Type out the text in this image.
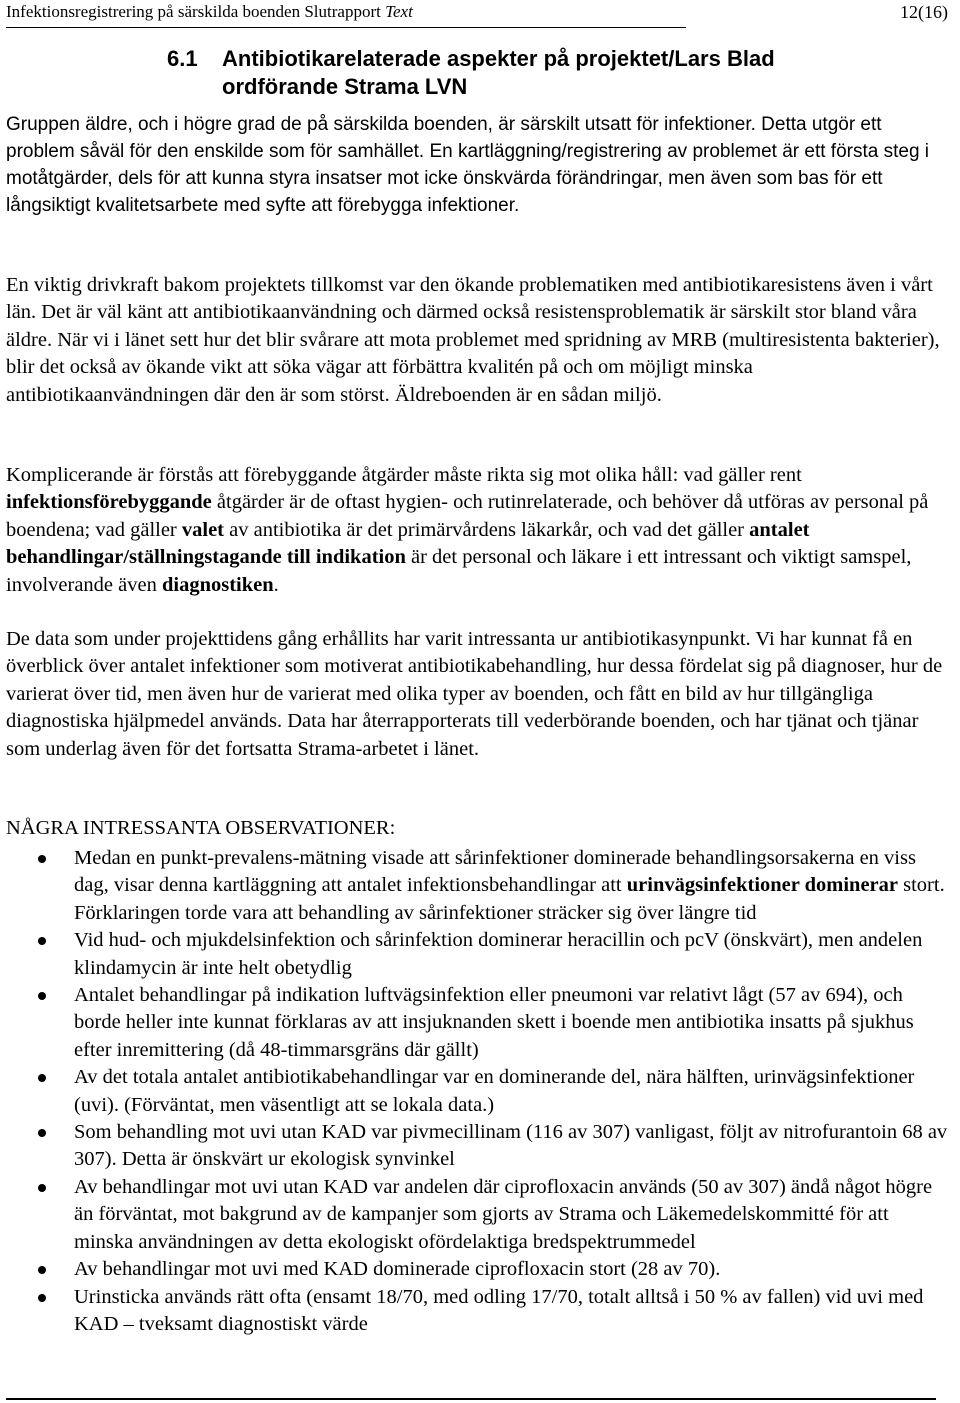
Infektionsregistrering på särskilda boenden Slutrapport Text	12(16)
6.1 Antibiotikarelaterade aspekter på projektet/Lars Blad
ordförande Strama LVN
Gruppen äldre, och i högre grad de på särskilda boenden, är särskilt utsatt för infektioner. Detta utgör ett problem såväl för den enskilde som för samhället. En kartläggning/registrering av problemet är ett första steg i motåtgärder, dels för att kunna styra insatser mot icke önskvärda förändringar, men även som bas för ett långsiktigt kvalitetsarbete med syfte att förebygga infektioner.
En viktig drivkraft bakom projektets tillkomst var den ökande problematiken med antibiotikaresistens även i vårt län. Det är väl känt att antibiotikaanvändning och därmed också resistensproblematik är särskilt stor bland våra äldre. När vi i länet sett hur det blir svårare att mota problemet med spridning av MRB (multiresistenta bakterier), blir det också av ökande vikt att söka vägar att förbättra kvalitén på och om möjligt minska antibiotikaanvändningen där den är som störst. Äldreboenden är en sådan miljö.
Komplicerande är förstås att förebyggande åtgärder måste rikta sig mot olika håll: vad gäller rent infektionsförebyggande åtgärder är de oftast hygien- och rutinrelaterade, och behöver då utföras av personal på boendena; vad gäller valet av antibiotika är det primärvårdens läkarkår, och vad det gäller antalet behandlingar/ställningstagande till indikation är det personal och läkare i ett intressant och viktigt samspel, involverande även diagnostiken.
De data som under projekttidens gång erhållits har varit intressanta ur antibiotikasynpunkt. Vi har kunnat få en överblick över antalet infektioner som motiverat antibiotikabehandling, hur dessa fördelat sig på diagnoser, hur de varierat över tid, men även hur de varierat med olika typer av boenden, och fått en bild av hur tillgängliga diagnostiska hjälpmedel används. Data har återrapporterats till vederbörande boenden, och har tjänat och tjänar som underlag även för det fortsatta Strama-arbetet i länet.
NÅGRA INTRESSANTA OBSERVATIONER:
Medan en punkt-prevalens-mätning visade att sårinfektioner dominerade behandlingsorsakerna en viss dag, visar denna kartläggning att antalet infektionsbehandlingar att urinvägsinfektioner dominerar stort. Förklaringen torde vara att behandling av sårinfektioner sträcker sig över längre tid
Vid hud- och mjukdelsinfektion och sårinfektion dominerar heracillin och pcV (önskvärt), men andelen klindamycin är inte helt obetydlig
Antalet behandlingar på indikation luftvägsinfektion eller pneumoni var relativt lågt (57 av 694), och borde heller inte kunnat förklaras av att insjuknanden skett i boende men antibiotika insatts på sjukhus efter inremittering (då 48-timmarsgräns där gällt)
Av det totala antalet antibiotikabehandlingar var en dominerande del, nära hälften, urinvägsinfektioner (uvi). (Förväntat, men väsentligt att se lokala data.)
Som behandling mot uvi utan KAD var pivmecillinam (116 av 307) vanligast, följt av nitrofurantoin 68 av 307). Detta är önskvärt ur ekologisk synvinkel
Av behandlingar mot uvi utan KAD var andelen där ciprofloxacin används (50 av 307) ändå något högre än förväntat, mot bakgrund av de kampanjer som gjorts av Strama och Läkemedelskommitté för att minska användningen av detta ekologiskt ofördelaktiga bredspektrummedel
Av behandlingar mot uvi med KAD dominerade ciprofloxacin stort (28 av 70).
Urinsticka används rätt ofta (ensamt 18/70, med odling 17/70, totalt alltså i 50 % av fallen) vid uvi med KAD – tveksamt diagnostiskt värde
